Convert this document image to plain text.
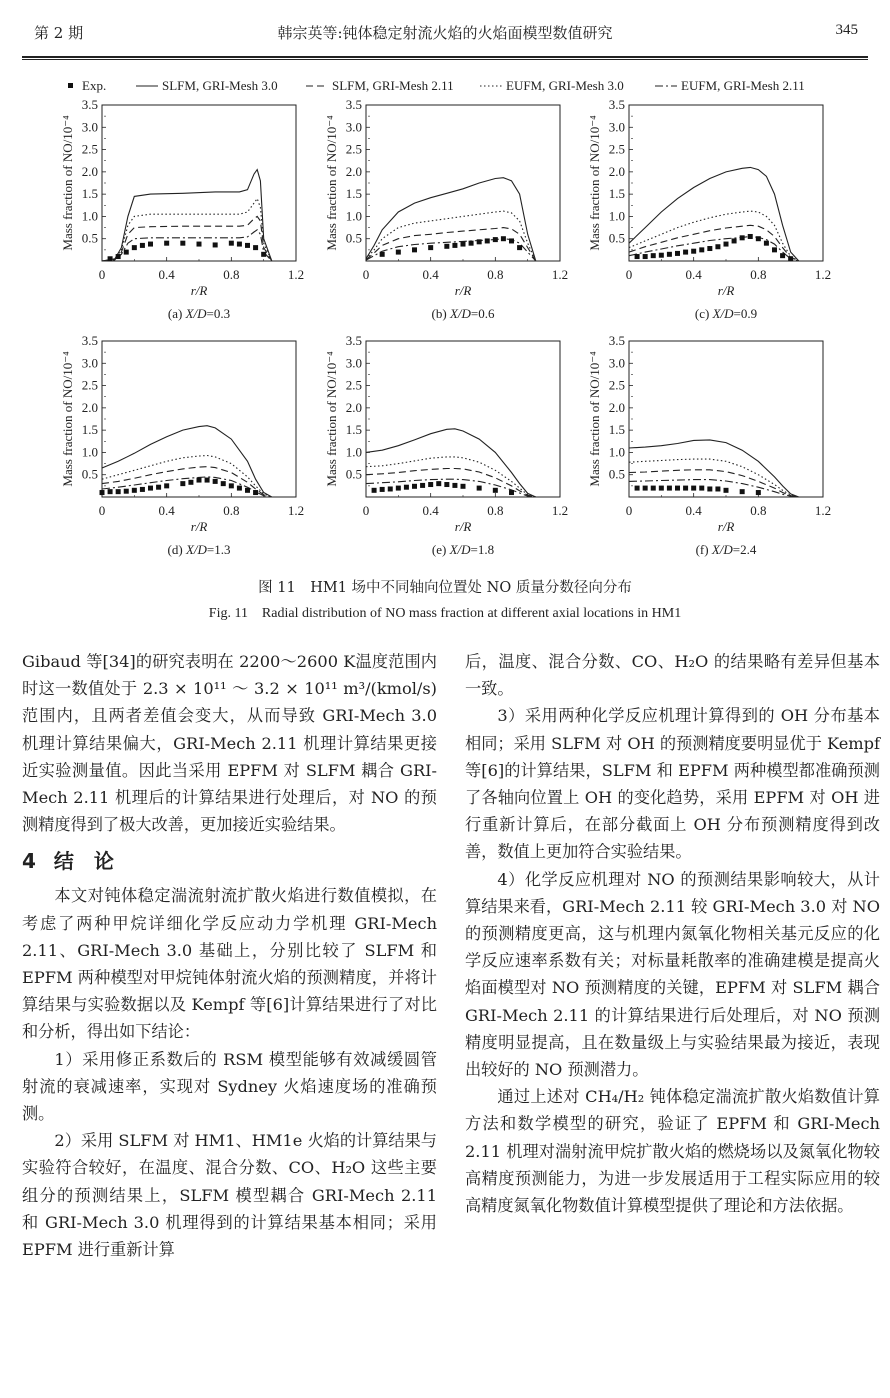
第 2 期	韩宗英等:钝体稳定射流火焰的火焰面模型数值研究	345
Exp.	SLFM, GRI-Mesh 3.0	SLFM, GRI-Mesh 2.11	EUFM, GRI-Mesh 3.0	EUFM, GRI-Mesh 2.11
0.5
1.0
1.5
2.0
2.5
3.0
3.5
0	0.4	0.8	1.2
r/R
Mass fraction of NO/10⁻⁴
(a) X/D=0.3
0.5
1.0
1.5
2.0
2.5
3.0
3.5
0	0.4	0.8	1.2
r/R
Mass fraction of NO/10⁻⁴
(b) X/D=0.6
0.5
1.0
1.5
2.0
2.5
3.0
3.5
0	0.4	0.8	1.2
r/R
Mass fraction of NO/10⁻⁴
(c) X/D=0.9
0.5
1.0
1.5
2.0
2.5
3.0
3.5
0	0.4	0.8	1.2
r/R
Mass fraction of NO/10⁻⁴
(d) X/D=1.3
0.5
1.0
1.5
2.0
2.5
3.0
3.5
0	0.4	0.8	1.2
r/R
Mass fraction of NO/10⁻⁴
(e) X/D=1.8
0.5
1.0
1.5
2.0
2.5
3.0
3.5
0	0.4	0.8	1.2
r/R
Mass fraction of NO/10⁻⁴
(f) X/D=2.4
图 11　HM1 场中不同轴向位置处 NO 质量分数径向分布
Fig. 11　Radial distribution of NO mass fraction at different axial locations in HM1

Gibaud 等[34]的研究表明在 2200～2600 K温度范围内时这一数值处于 2.3 × 10¹¹ ～ 3.2 × 10¹¹ m³/(kmol/s)范围内，且两者差值会变大，从而导致 GRI-Mech 3.0 机理计算结果偏大，GRI-Mech 2.11 机理计算结果更接近实验测量值。因此当采用 EPFM 对 SLFM 耦合 GRI-Mech 2.11 机理后的计算结果进行处理后，对 NO 的预测精度得到了极大改善，更加接近实验结果。

4 结　论

本文对钝体稳定湍流射流扩散火焰进行数值模拟，在考虑了两种甲烷详细化学反应动力学机理 GRI-Mech 2.11、GRI-Mech 3.0 基础上，分别比较了 SLFM 和 EPFM 两种模型对甲烷钝体射流火焰的预测精度，并将计算结果与实验数据以及 Kempf 等[6]计算结果进行了对比和分析，得出如下结论：

1）采用修正系数后的 RSM 模型能够有效减缓圆管射流的衰减速率，实现对 Sydney 火焰速度场的准确预测。

2）采用 SLFM 对 HM1、HM1e 火焰的计算结果与实验符合较好，在温度、混合分数、CO、H₂O 这些主要组分的预测结果上，SLFM 模型耦合 GRI-Mech 2.11 和 GRI-Mech 3.0 机理得到的计算结果基本相同；采用 EPFM 进行重新计算

后，温度、混合分数、CO、H₂O 的结果略有差异但基本一致。

3）采用两种化学反应机理计算得到的 OH 分布基本相同；采用 SLFM 对 OH 的预测精度要明显优于 Kempf 等[6]的计算结果，SLFM 和 EPFM 两种模型都准确预测了各轴向位置上 OH 的变化趋势，采用 EPFM 对 OH 进行重新计算后，在部分截面上 OH 分布预测精度得到改善，数值上更加符合实验结果。

4）化学反应机理对 NO 的预测结果影响较大，从计算结果来看，GRI-Mech 2.11 较 GRI-Mech 3.0 对 NO 的预测精度更高，这与机理内氮氧化物相关基元反应的化学反应速率系数有关；对标量耗散率的准确建模是提高火焰面模型对 NO 预测精度的关键，EPFM 对 SLFM 耦合 GRI-Mech 2.11 的计算结果进行后处理后，对 NO 预测精度明显提高，且在数量级上与实验结果最为接近，表现出较好的 NO 预测潜力。

通过上述对 CH₄/H₂ 钝体稳定湍流扩散火焰数值计算方法和数学模型的研究，验证了 EPFM 和 GRI-Mech 2.11 机理对湍射流甲烷扩散火焰的燃烧场以及氮氧化物较高精度预测能力，为进一步发展适用于工程实际应用的较高精度氮氧化物数值计算模型提供了理论和方法依据。
